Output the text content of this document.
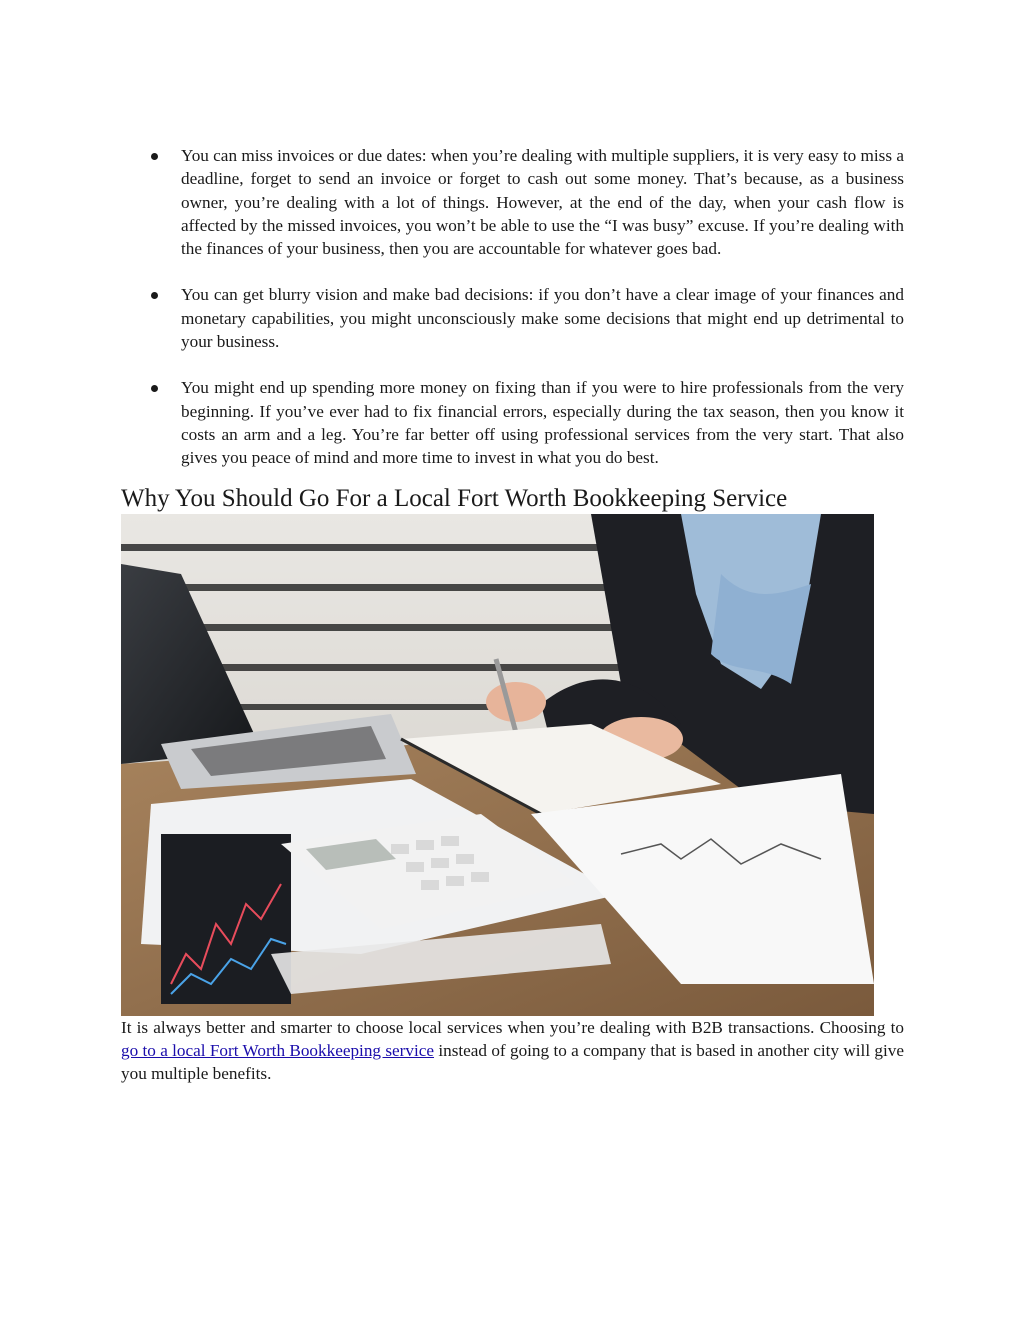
You can miss invoices or due dates: when you’re dealing with multiple suppliers, it is very easy to miss a deadline, forget to send an invoice or forget to cash out some money. That’s because, as a business owner, you’re dealing with a lot of things. However, at the end of the day, when your cash flow is affected by the missed invoices, you won’t be able to use the “I was busy” excuse. If you’re dealing with the finances of your business, then you are accountable for whatever goes bad.
You can get blurry vision and make bad decisions: if you don’t have a clear image of your finances and monetary capabilities, you might unconsciously make some decisions that might end up detrimental to your business.
You might end up spending more money on fixing than if you were to hire professionals from the very beginning. If you’ve ever had to fix financial errors, especially during the tax season, then you know it costs an arm and a leg. You’re far better off using professional services from the very start. That also gives you peace of mind and more time to invest in what you do best.
Why You Should Go For a Local Fort Worth Bookkeeping Service

It is always better and smarter to choose local services when you’re dealing with B2B transactions. Choosing to go to a local Fort Worth Bookkeeping service instead of going to a company that is based in another city will give you multiple benefits.
